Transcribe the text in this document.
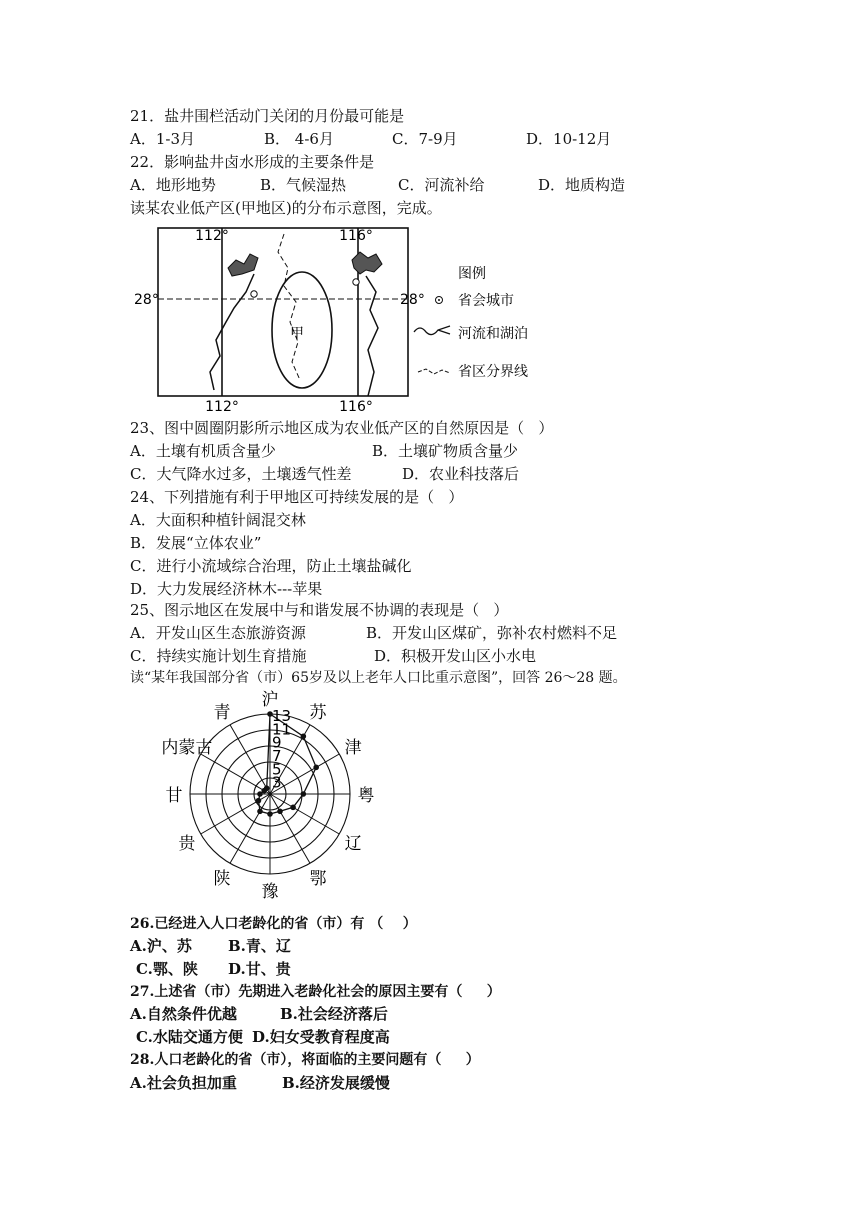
21．盐井围栏活动门关闭的月份最可能是
A．1-3月	B． 4-6月	C．7-9月	D．10-12月
22．影响盐井卤水形成的主要条件是
A．地形地势	B．气候湿热	C．河流补给	D．地质构造
读某农业低产区(甲地区)的分布示意图，完成。
112°	116°
112°	116°
28°	28°
甲
图例
省会城市
河流和湖泊
省区分界线
23、图中圆圈阴影所示地区成为农业低产区的自然原因是（   ）
A．土壤有机质含量少	B．土壤矿物质含量少
C．大气降水过多，土壤透气性差	D．农业科技落后
24、下列措施有利于甲地区可持续发展的是（   ）
A．大面积种植针阔混交林
B．发展“立体农业”
C．进行小流域综合治理，防止土壤盐碱化
D．大力发展经济林木---苹果
25、图示地区在发展中与和谐发展不协调的表现是（   ）
A．开发山区生态旅游资源	B．开发山区煤矿，弥补农村燃料不足
C．持续实施计划生育措施	D．积极开发山区小水电
读“某年我国部分省（市）65岁及以上老年人口比重示意图”，回答 26～28 题。
3
5
7
9
11
13
沪
苏
津
粤
辽
鄂
豫
陕
贵
甘
内蒙古
青
26.已经进入人口老龄化的省（市）有 （    ）
A.沪、苏 B.青、辽
C.鄂、陕 D.甘、贵
27.上述省（市）先期进入老龄化社会的原因主要有（     ）
A.自然条件优越	B.社会经济落后
C.水陆交通方便 D.妇女受教育程度高
28.人口老龄化的省（市），将面临的主要问题有（     ）
A.社会负担加重	B.经济发展缓慢
